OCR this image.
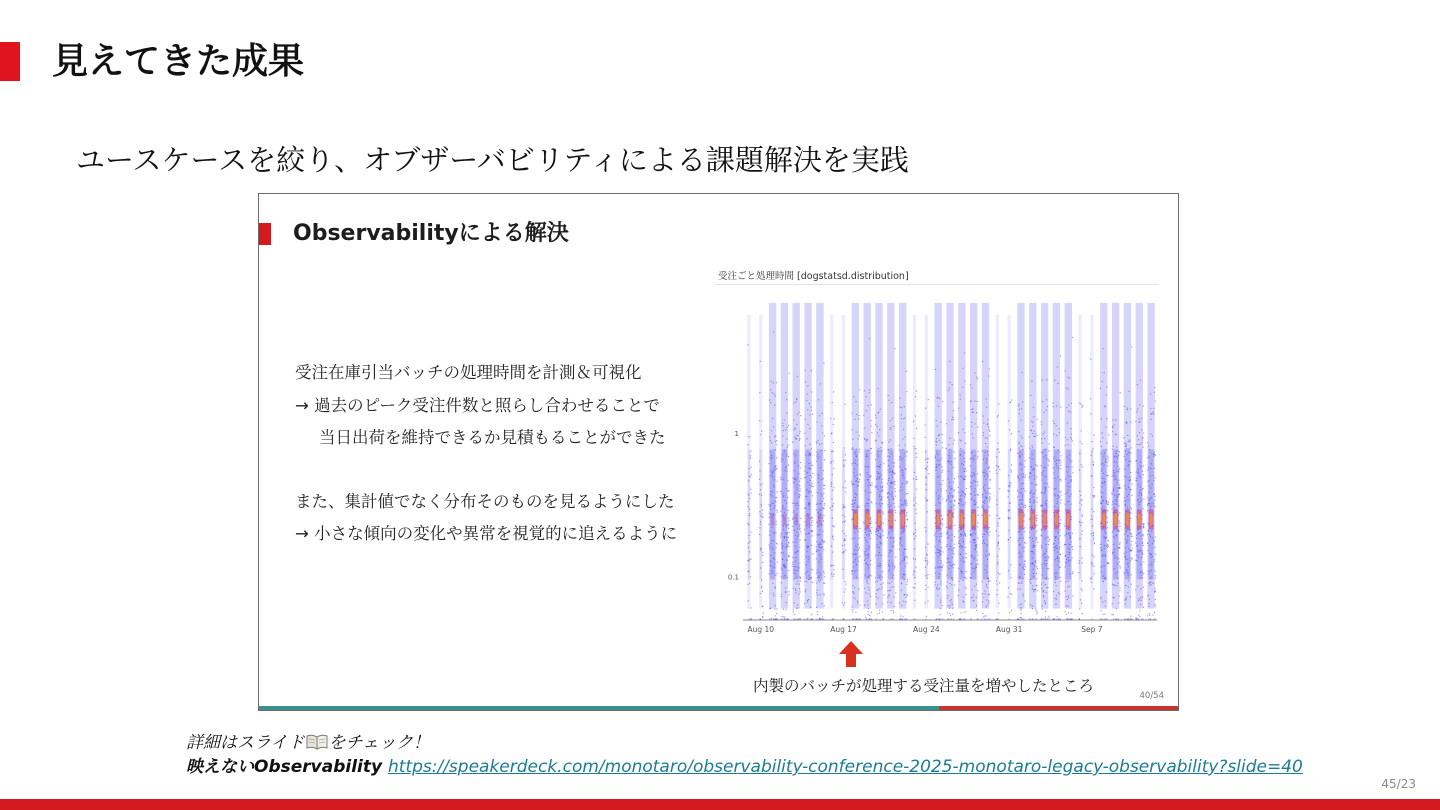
見えてきた成果
ユースケースを絞り、オブザーバビリティによる課題解決を実践
Observabilityによる解決
受注在庫引当バッチの処理時間を計測＆可視化
→ 過去のピーク受注件数と照らし合わせることで
当日出荷を維持できるか見積もることができた
また、集計値でなく分布そのものを見るようにした
→ 小さな傾向の変化や異常を視覚的に追えるように
受注ごと処理時間 [dogstatsd.distribution]
1
0.1
Aug 10	Aug 17	Aug 24	Aug 31	Sep 7
内製のバッチが処理する受注量を増やしたところ
40/54
詳細はスライド をチェック！
映えないObservability https://speakerdeck.com/monotaro/observability-conference-2025-monotaro-legacy-observability?slide=40
45/23
